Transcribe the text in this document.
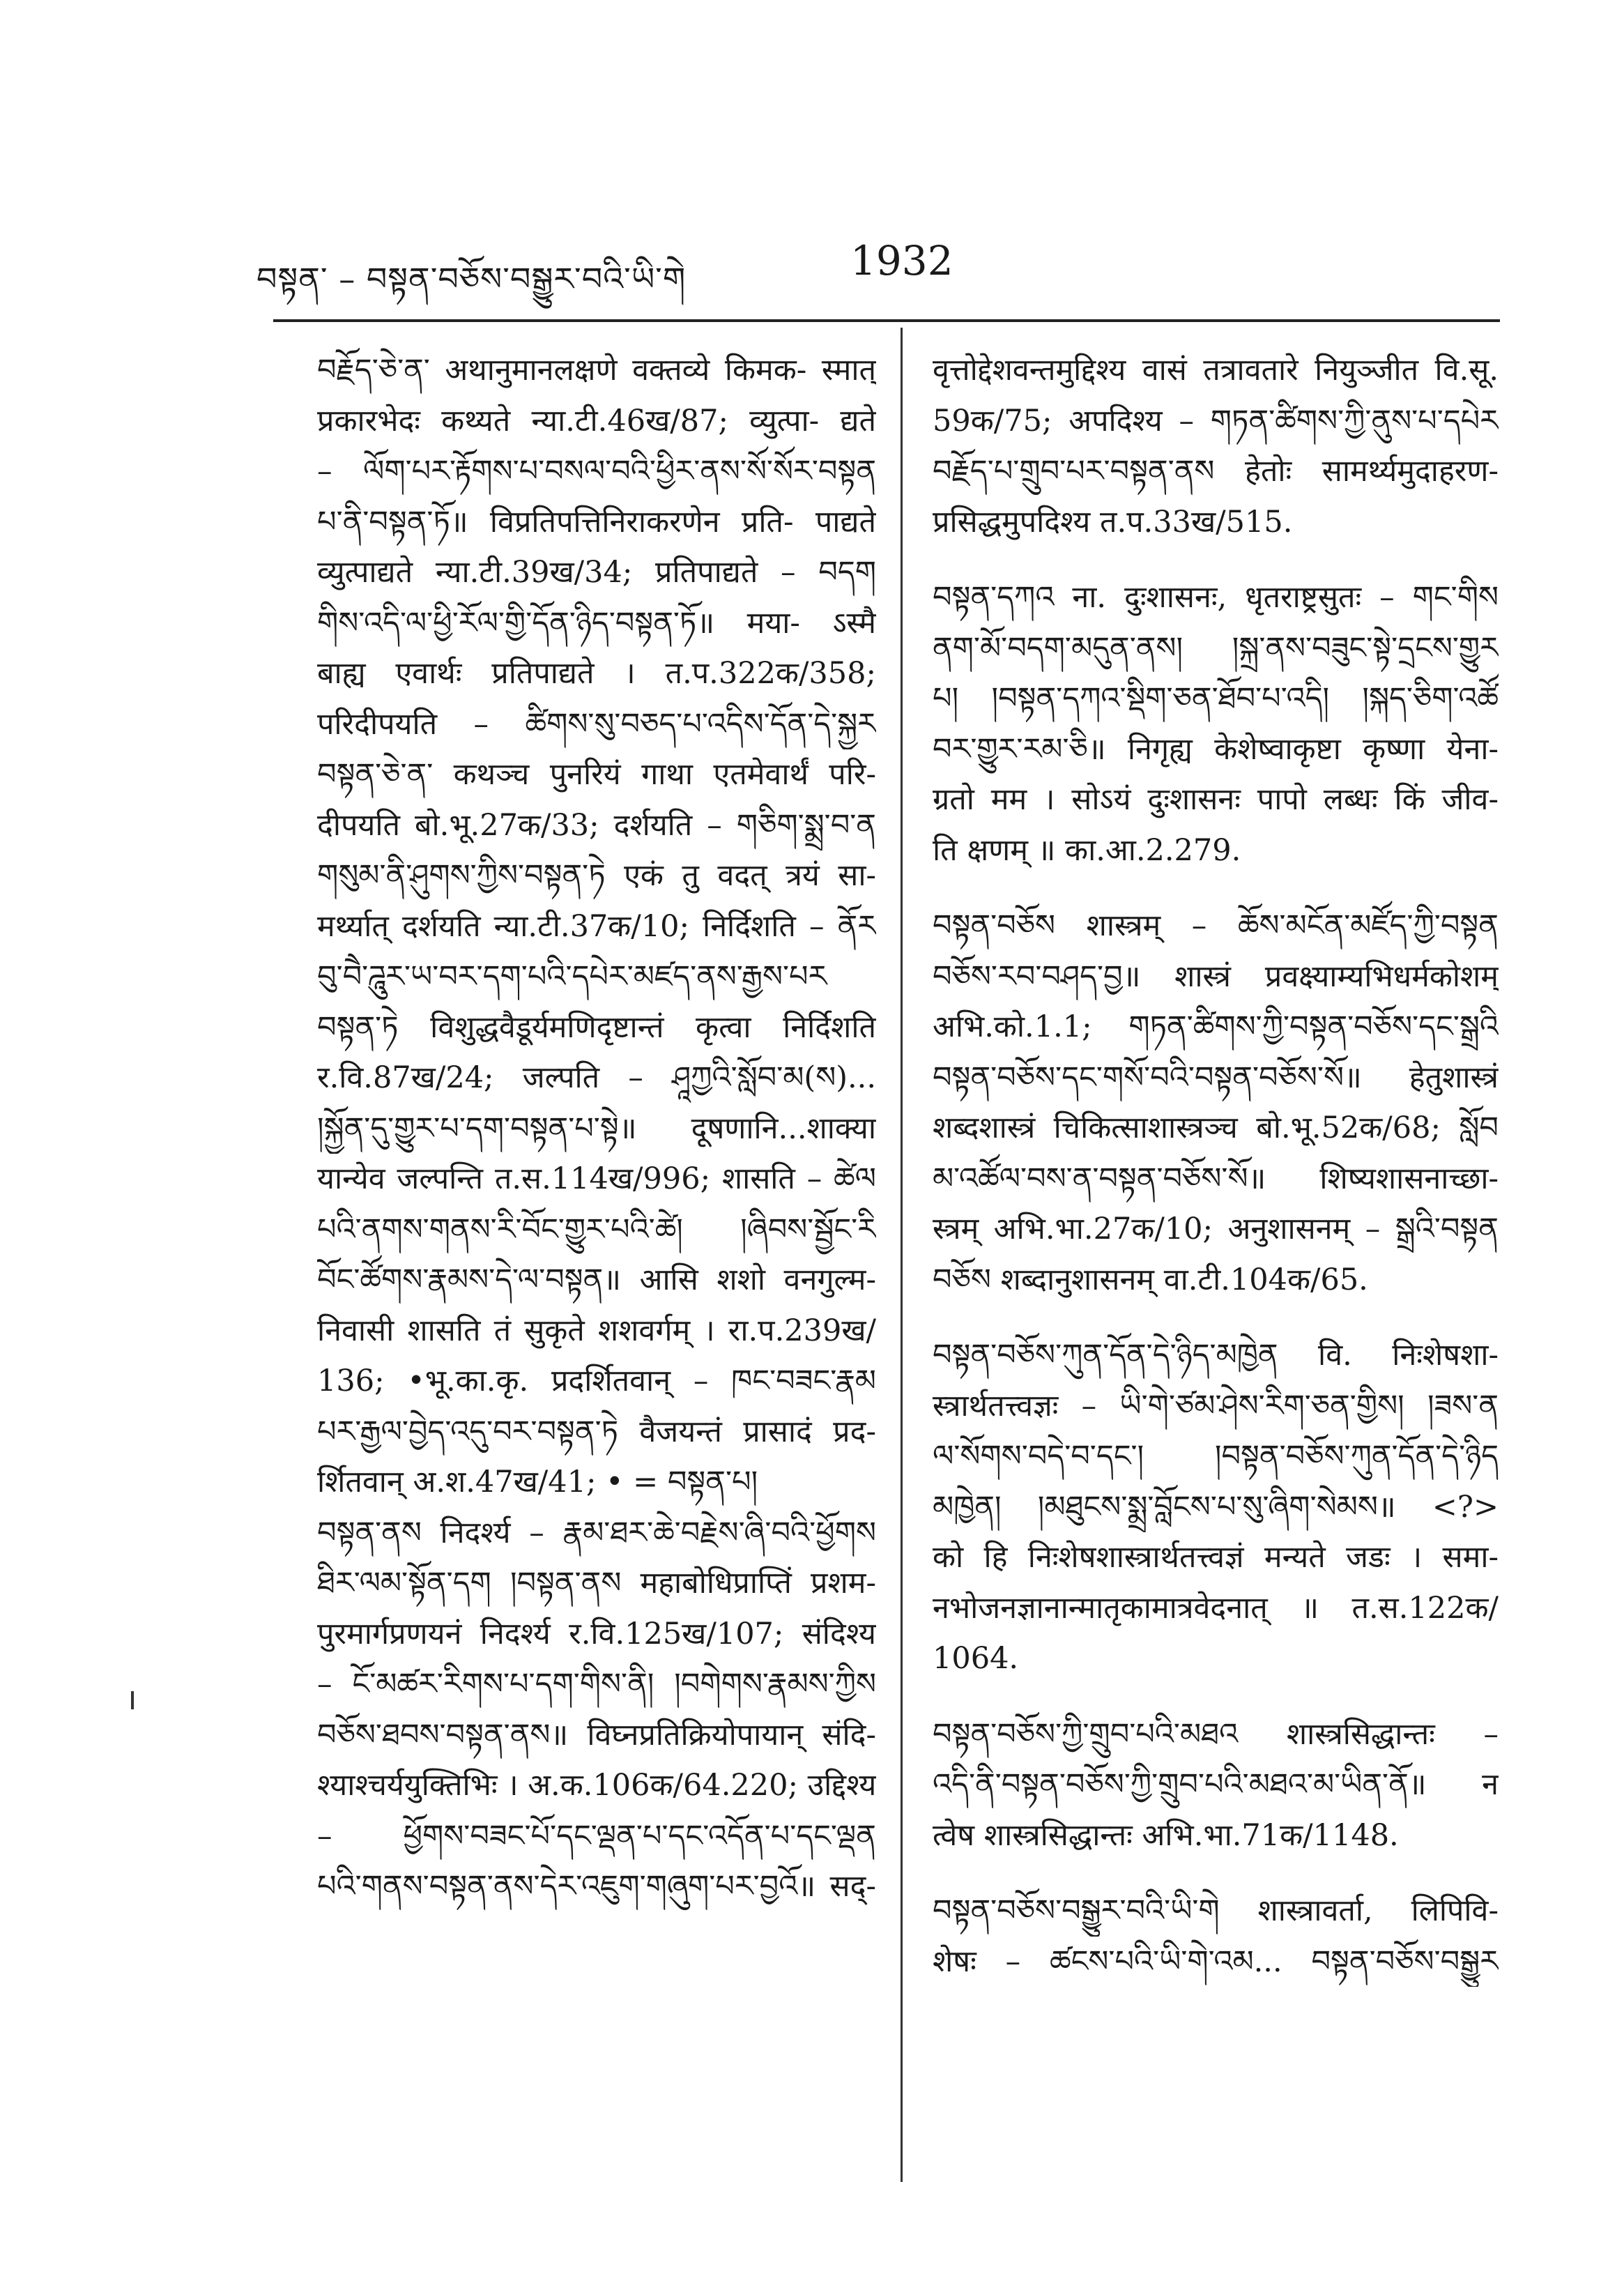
བསྟན་ – བསྟན་བཅོས་བསྒྱུར་བའི་ཡི་གེ	1932
བརྗོད་ཅེ་ན་ अथानुमानलक्षणे वक्तव्ये किमक- स्मात्
प्रकारभेदः कथ्यते न्या.टी.46ख/87; व्युत्पा- द्यते
– ལོག་པར་རྟོགས་པ་བསལ་བའི་ཕྱིར་ནས་སོ་སོར་བསྟན
པ་ནི་བསྟན་ཏོ॥ विप्रतिपत्तिनिराकरणेन प्रति- पाद्यते
व्युत्पाद्यते न्या.टी.39ख/34; प्रतिपाद्यते – བདག
གིས་འདི་ལ་ཕྱི་རོལ་གྱི་དོན་ཉིད་བསྟན་ཏོ॥ मया- ऽस्मै
बाह्य एवार्थः प्रतिपाद्यते । त.प.322क/358;
परिदीपयति – ཚིགས་སུ་བཅད་པ་འདིས་དོན་དེ་སྐྱར
བསྟན་ཅེ་ན་ कथञ्च पुनरियं गाथा एतमेवार्थं परि-
दीपयति बो.भू.27क/33; दर्शयति – གཅིག་སྨྲ་བ་ན
གསུམ་ནི་ཤུགས་ཀྱིས་བསྟན་ཏེ एकं तु वदत् त्रयं सा-
मर्थ्यात् दर्शयति न्या.टी.37क/10; निर्दिशति – ནོར
བུ་བཻ་ཌཱུར་ཡ་བར་དག་པའི་དཔེར་མཛད་ནས་རྒྱས་པར
བསྟན་ཏེ विशुद्धवैडूर्यमणिदृष्टान्तं कृत्वा निर्दिशति
र.वि.87ख/24; जल्पति – ཤཱཀྱའི་སློབ་མ(ས)...
།སྐྱོན་དུ་གྱུར་པ་དག་བསྟན་པ་སྟེ॥ दूषणानि...शाक्या
यान्येव जल्पन्ति त.स.114ख/996; शासति – ཚེལ
པའི་ནགས་གནས་རི་བོང་གྱུར་པའི་ཚེ། །ཞིབས་སྦྱོང་རི
བོང་ཚོགས་རྣམས་དེ་ལ་བསྟན॥ आसि शशो वनगुल्म-
निवासी शासति तं सुकृते शशवर्गम् । रा.प.239ख/
136; •भू.का.कृ. प्रदर्शितवान् – ཁང་བཟང་རྣམ
པར་རྒྱལ་བྱེད་འདུ་བར་བསྟན་ཏེ वैजयन्तं प्रासादं प्रद-
र्शितवान् अ.श.47ख/41; • = བསྟན་པ།
བསྟན་ནས निदर्श्य – རྣམ་ཐར་ཆེ་བརྗེས་ཞི་བའི་ཕྱོགས
ཐིར་ལམ་སྟོན་དག །བསྟན་ནས महाबोधिप्राप्तिं प्रशम-
पुरमार्गप्रणयनं निदर्श्य र.वि.125ख/107; संदिश्य
– ངོ་མཚར་རིགས་པ་དག་གིས་ནི། །བགེགས་རྣམས་ཀྱིས
བཅོས་ཐབས་བསྟན་ནས॥ विघ्नप्रतिक्रियोपायान् संदि-
श्याश्चर्ययुक्तिभिः । अ.क.106क/64.220; उद्दिश्य
– ཕྱོགས་བཟང་པོ་དང་ལྡན་པ་དང་འདོན་པ་དང་ལྡན
པའི་གནས་བསྟན་ནས་དེར་འཇུག་གཞུག་པར་བྱའོ॥ सद्-
वृत्तोद्देशवन्तमुद्दिश्य वासं तत्रावतारे नियुञ्जीत वि.सू.
59क/75; अपदिश्य – གཏན་ཚིགས་ཀྱི་ནུས་པ་དཔེར
བརྗོད་པ་གྲུབ་པར་བསྟན་ནས हेतोः सामर्थ्यमुदाहरण-
प्रसिद्धमुपदिश्य त.प.33ख/515.
བསྟན་དཀའ ना. दुःशासनः, धृतराष्ट्रसुतः – གང་གིས
ནག་མོ་བདག་མདུན་ནས། །སྐྲ་ནས་བཟུང་སྟེ་དྲངས་གྱུར
པ། །བསྟན་དཀའ་སྡིག་ཅན་ཐོབ་པ་འདི། །སྐད་ཅིག་འཚོ
བར་གྱུར་རམ་ཅི॥ निगृह्य केशेष्वाकृष्टा कृष्णा येना-
ग्रतो मम । सोऽयं दुःशासनः पापो लब्धः किं जीव-
ति क्षणम् ॥ का.आ.2.279.
བསྟན་བཅོས शास्त्रम् – ཆོས་མངོན་མཛོད་ཀྱི་བསྟན
བཅོས་རབ་བཤད་བྱ॥ शास्त्रं प्रवक्ष्याम्यभिधर्मकोशम्
अभि.को.1.1; གཏན་ཚིགས་ཀྱི་བསྟན་བཅོས་དང་སྒྲའི
བསྟན་བཅོས་དང་གསོ་བའི་བསྟན་བཅོས་སོ॥ हेतुशास्त्रं
शब्दशास्त्रं चिकित्साशास्त्रञ्च बो.भू.52क/68; སློབ
མ་འཚོལ་བས་ན་བསྟན་བཅོས་སོ॥ शिष्यशासनाच्छा-
स्त्रम् अभि.भा.27क/10; अनुशासनम् – སྒྲའི་བསྟན
བཅོས शब्दानुशासनम् वा.टी.104क/65.
བསྟན་བཅོས་ཀུན་དོན་དེ་ཉིད་མཁྱེན वि. निःशेषशा-
स्त्रार्थतत्त्वज्ञः – ཡི་གེ་ཙམ་ཤེས་རིག་ཅན་གྱིས། །ཟས་ན
ལ་སོགས་བདེ་བ་དང་། །བསྟན་བཅོས་ཀུན་དོན་དེ་ཉིད
མཁྱེན། །མཐུངས་སྨྲ་བློངས་པ་སུ་ཞིག་སེམས॥ <?>
को हि निःशेषशास्त्रार्थतत्त्वज्ञं मन्यते जडः । समा-
नभोजनज्ञानान्मातृकामात्रवेदनात् ॥ त.स.122क/
1064.
བསྟན་བཅོས་ཀྱི་གྲུབ་པའི་མཐའ शास्त्रसिद्धान्तः –
འདི་ནི་བསྟན་བཅོས་ཀྱི་གྲུབ་པའི་མཐའ་མ་ཡིན་ནོ॥ न
त्वेष शास्त्रसिद्धान्तः अभि.भा.71क/1148.
བསྟན་བཅོས་བསྒྱུར་བའི་ཡི་གེ शास्त्रावर्ता, लिपिवि-
शेषः – ཚངས་པའི་ཡི་གེ་འམ... བསྟན་བཅོས་བསྒྱུར
